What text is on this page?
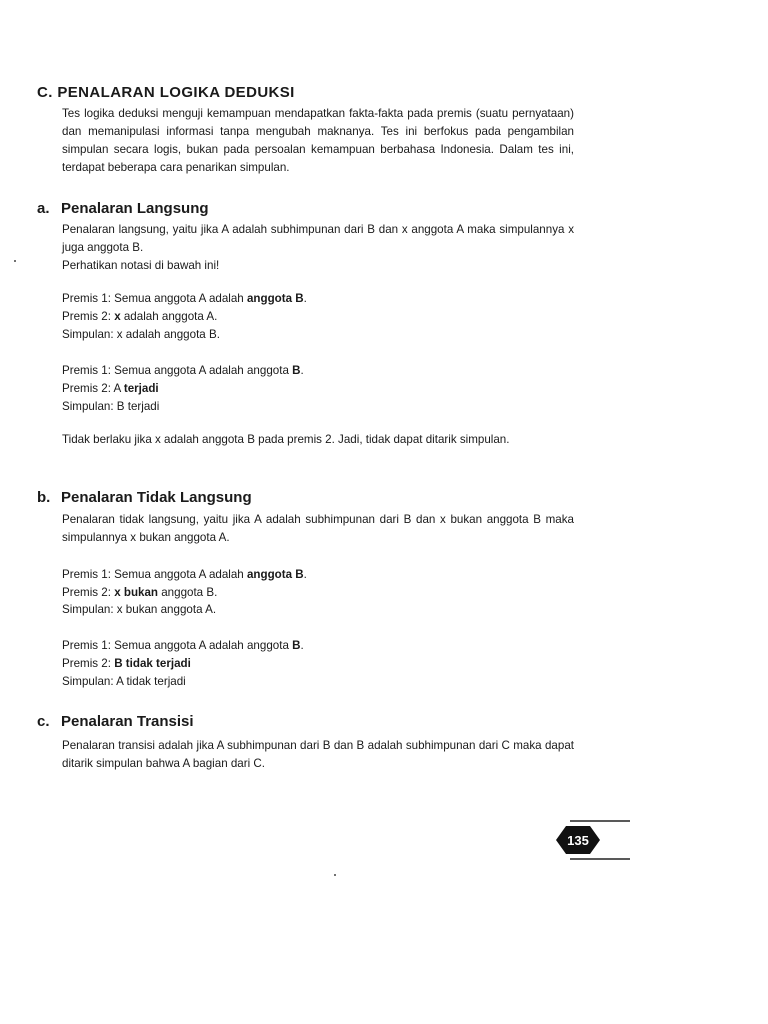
C. PENALARAN LOGIKA DEDUKSI

Tes logika deduksi menguji kemampuan mendapatkan fakta-fakta pada premis (suatu pernyataan) dan memanipulasi informasi tanpa mengubah maknanya. Tes ini berfokus pada pengambilan simpulan secara logis, bukan pada persoalan kemampuan berbahasa Indonesia. Dalam tes ini, terdapat beberapa cara penarikan simpulan.

a. Penalaran Langsung

Penalaran langsung, yaitu jika A adalah subhimpunan dari B dan x anggota A maka simpulannya x juga anggota B.

Perhatikan notasi di bawah ini!
Premis 1: Semua anggota A adalah anggota B.
Premis 2: x adalah anggota A.
Simpulan: x adalah anggota B.
Premis 1: Semua anggota A adalah anggota B.
Premis 2: A terjadi
Simpulan: B terjadi

Tidak berlaku jika x adalah anggota B pada premis 2. Jadi, tidak dapat ditarik simpulan.

b. Penalaran Tidak Langsung

Penalaran tidak langsung, yaitu jika A adalah subhimpunan dari B dan x bukan anggota B maka simpulannya x bukan anggota A.

Premis 1: Semua anggota A adalah anggota B.
Premis 2: x bukan anggota B.
Simpulan: x bukan anggota A.
Premis 1: Semua anggota A adalah anggota B.
Premis 2: B tidak terjadi
Simpulan: A tidak terjadi
c. Penalaran Transisi

Penalaran transisi adalah jika A subhimpunan dari B dan B adalah subhimpunan dari C maka dapat ditarik simpulan bahwa A bagian dari C.

135
